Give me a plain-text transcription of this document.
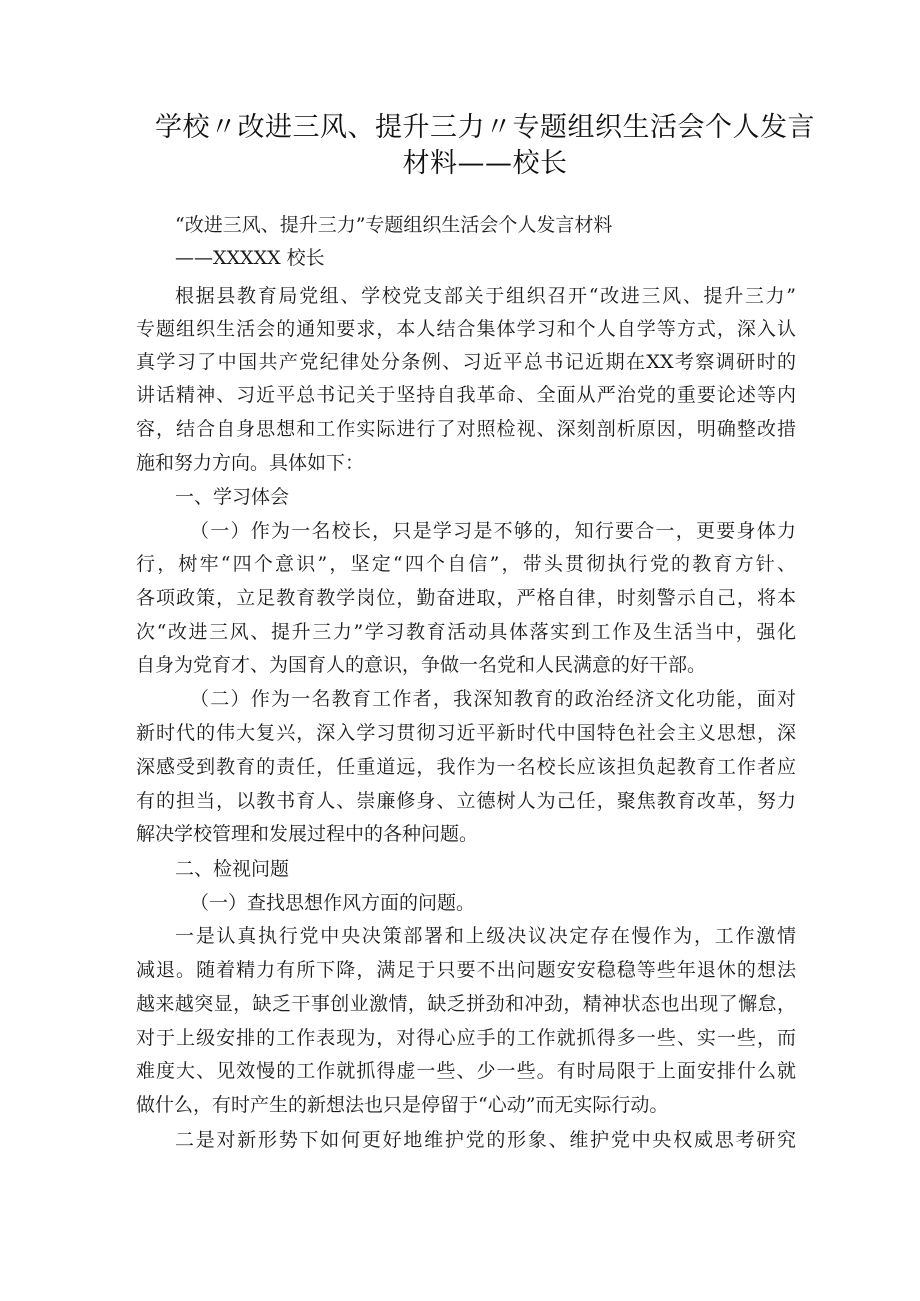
学校〃改进三风、提升三力〃专题组织生活会个人发言
材料——校长
“改进三风、提升三力”专题组织生活会个人发言材料
——XXXXX 校长
根据县教育局党组、学校党支部关于组织召开“改进三风、提升三力”
专题组织生活会的通知要求，本人结合集体学习和个人自学等方式，深入认
真学习了中国共产党纪律处分条例、习近平总书记近期在XX考察调研时的
讲话精神、习近平总书记关于坚持自我革命、全面从严治党的重要论述等内
容，结合自身思想和工作实际进行了对照检视、深刻剖析原因，明确整改措
施和努力方向。具体如下：
一、学习体会
（一）作为一名校长，只是学习是不够的，知行要合一，更要身体力
行，树牢“四个意识”，坚定“四个自信”，带头贯彻执行党的教育方针、
各项政策，立足教育教学岗位，勤奋进取，严格自律，时刻警示自己，将本
次“改进三风、提升三力”学习教育活动具体落实到工作及生活当中，强化
自身为党育才、为国育人的意识，争做一名党和人民满意的好干部。
（二）作为一名教育工作者，我深知教育的政治经济文化功能，面对
新时代的伟大复兴，深入学习贯彻习近平新时代中国特色社会主义思想，深
深感受到教育的责任，任重道远，我作为一名校长应该担负起教育工作者应
有的担当，以教书育人、崇廉修身、立德树人为己任，聚焦教育改革，努力
解决学校管理和发展过程中的各种问题。
二、检视问题
（一）查找思想作风方面的问题。
一是认真执行党中央决策部署和上级决议决定存在慢作为，工作激情
减退。随着精力有所下降，满足于只要不出问题安安稳稳等些年退休的想法
越来越突显，缺乏干事创业激情，缺乏拼劲和冲劲，精神状态也出现了懈怠，
对于上级安排的工作表现为，对得心应手的工作就抓得多一些、实一些，而
难度大、见效慢的工作就抓得虚一些、少一些。有时局限于上面安排什么就
做什么，有时产生的新想法也只是停留于“心动”而无实际行动。
二是对新形势下如何更好地维护党的形象、维护党中央权威思考研究
